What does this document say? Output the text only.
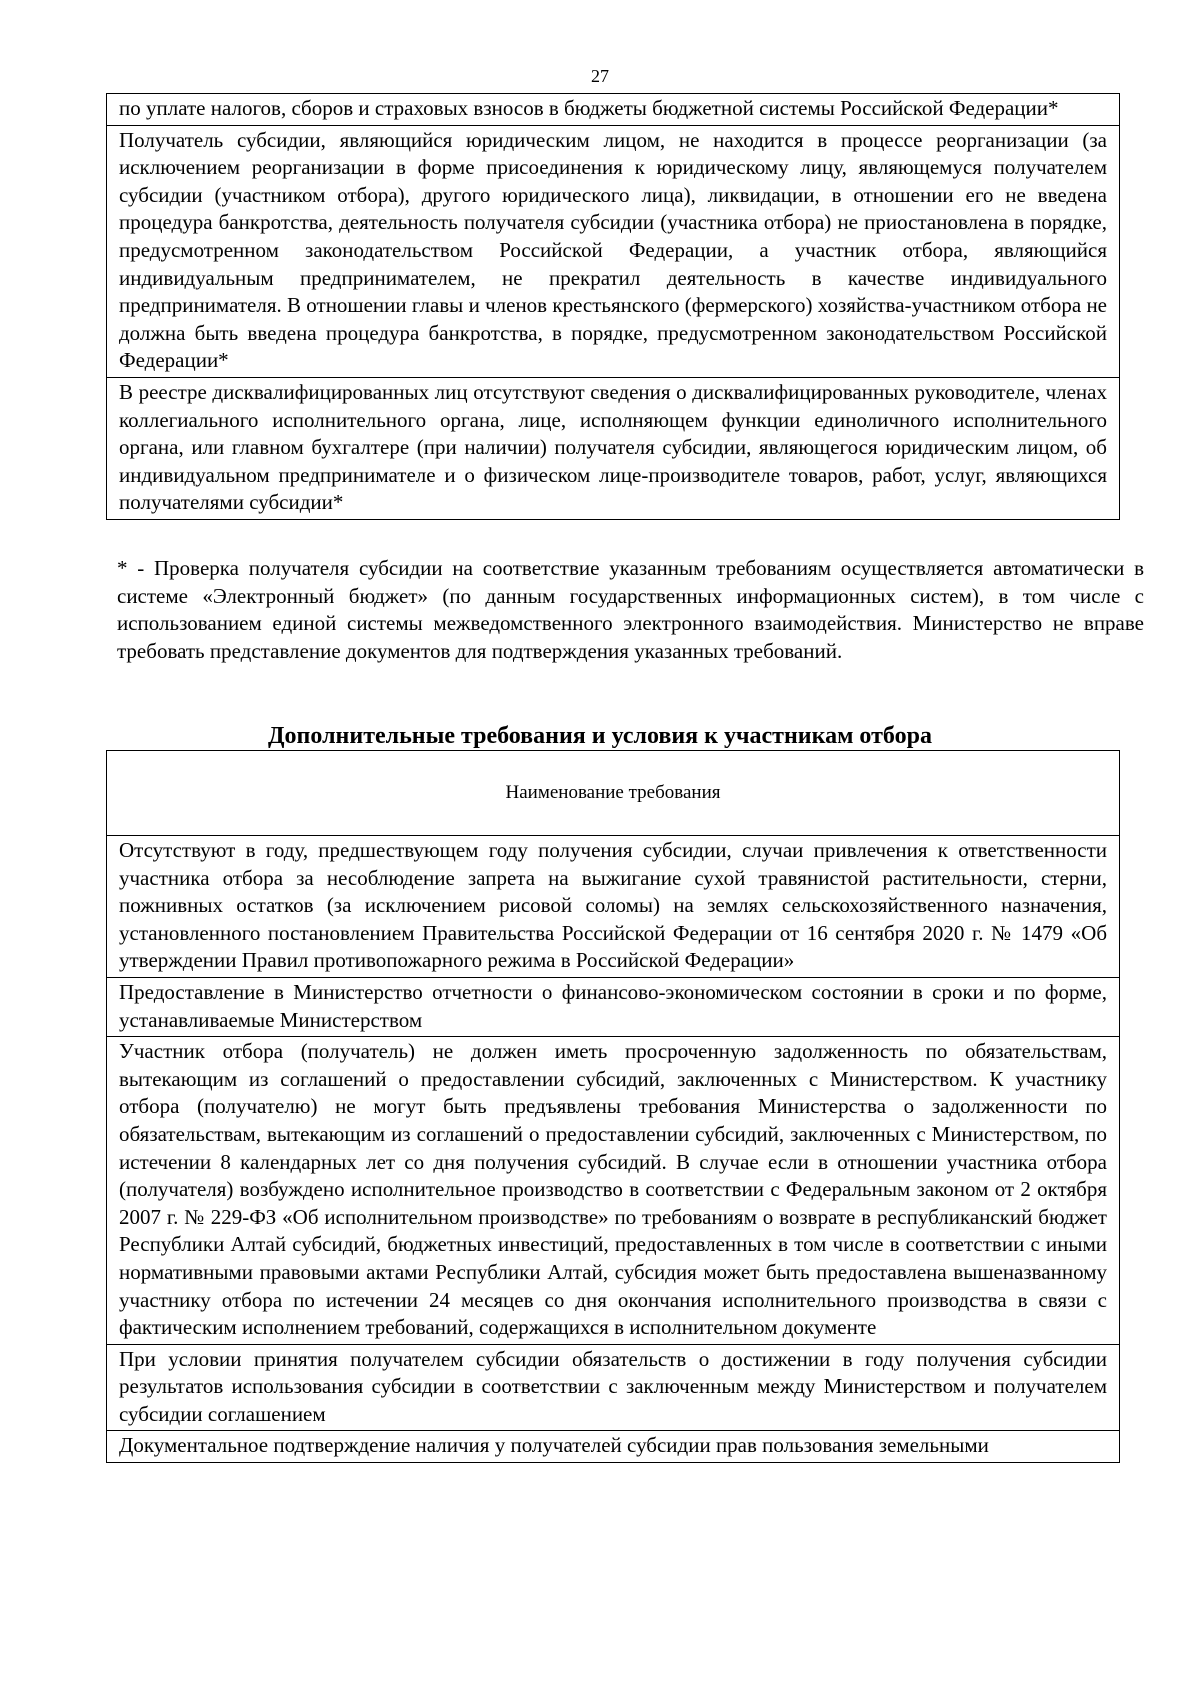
27
по уплате налогов, сборов и страховых взносов в бюджеты бюджетной системы Российской Федерации*
Получатель субсидии, являющийся юридическим лицом, не находится в процессе реорганизации (за исключением реорганизации в форме присоединения к юридическому лицу, являющемуся получателем субсидии (участником отбора), другого юридического лица), ликвидации, в отношении его не введена процедура банкротства, деятельность получателя субсидии (участника отбора) не приостановлена в порядке, предусмотренном законодательством Российской Федерации, а участник отбора, являющийся индивидуальным предпринимателем, не прекратил деятельность в качестве индивидуального предпринимателя. В отношении главы и членов крестьянского (фермерского) хозяйства-участником отбора не должна быть введена процедура банкротства, в порядке, предусмотренном законодательством Российской Федерации*
В реестре дисквалифицированных лиц отсутствуют сведения о дисквалифицированных руководителе, членах коллегиального исполнительного органа, лице, исполняющем функции единоличного исполнительного органа, или главном бухгалтере (при наличии) получателя субсидии, являющегося юридическим лицом, об индивидуальном предпринимателе и о физическом лице-производителе товаров, работ, услуг, являющихся получателями субсидии*
* - Проверка получателя субсидии на соответствие указанным требованиям осуществляется автоматически в системе «Электронный бюджет» (по данным государственных информационных систем), в том числе с использованием единой системы межведомственного электронного взаимодействия. Министерство не вправе требовать представление документов для подтверждения указанных требований.
Дополнительные требования и условия к участникам отбора
Наименование требования
Отсутствуют в году, предшествующем году получения субсидии, случаи привлечения к ответственности участника отбора за несоблюдение запрета на выжигание сухой травянистой растительности, стерни, пожнивных остатков (за исключением рисовой соломы) на землях сельскохозяйственного назначения, установленного постановлением Правительства Российской Федерации от 16 сентября 2020 г. № 1479 «Об утверждении Правил противопожарного режима в Российской Федерации»
Предоставление в Министерство отчетности о финансово-экономическом состоянии в сроки и по форме, устанавливаемые Министерством
Участник отбора (получатель) не должен иметь просроченную задолженность по обязательствам, вытекающим из соглашений о предоставлении субсидий, заключенных с Министерством. К участнику отбора (получателю) не могут быть предъявлены требования Министерства о задолженности по обязательствам, вытекающим из соглашений о предоставлении субсидий, заключенных с Министерством, по истечении 8 календарных лет со дня получения субсидий. В случае если в отношении участника отбора (получателя) возбуждено исполнительное производство в соответствии с Федеральным законом от 2 октября 2007 г. № 229-ФЗ «Об исполнительном производстве» по требованиям о возврате в республиканский бюджет Республики Алтай субсидий, бюджетных инвестиций, предоставленных в том числе в соответствии с иными нормативными правовыми актами Республики Алтай, субсидия может быть предоставлена вышеназванному участнику отбора по истечении 24 месяцев со дня окончания исполнительного производства в связи с фактическим исполнением требований, содержащихся в исполнительном документе
При условии принятия получателем субсидии обязательств о достижении в году получения субсидии результатов использования субсидии в соответствии с заключенным между Министерством и получателем субсидии соглашением
Документальное подтверждение наличия у получателей субсидии прав пользования земельными
